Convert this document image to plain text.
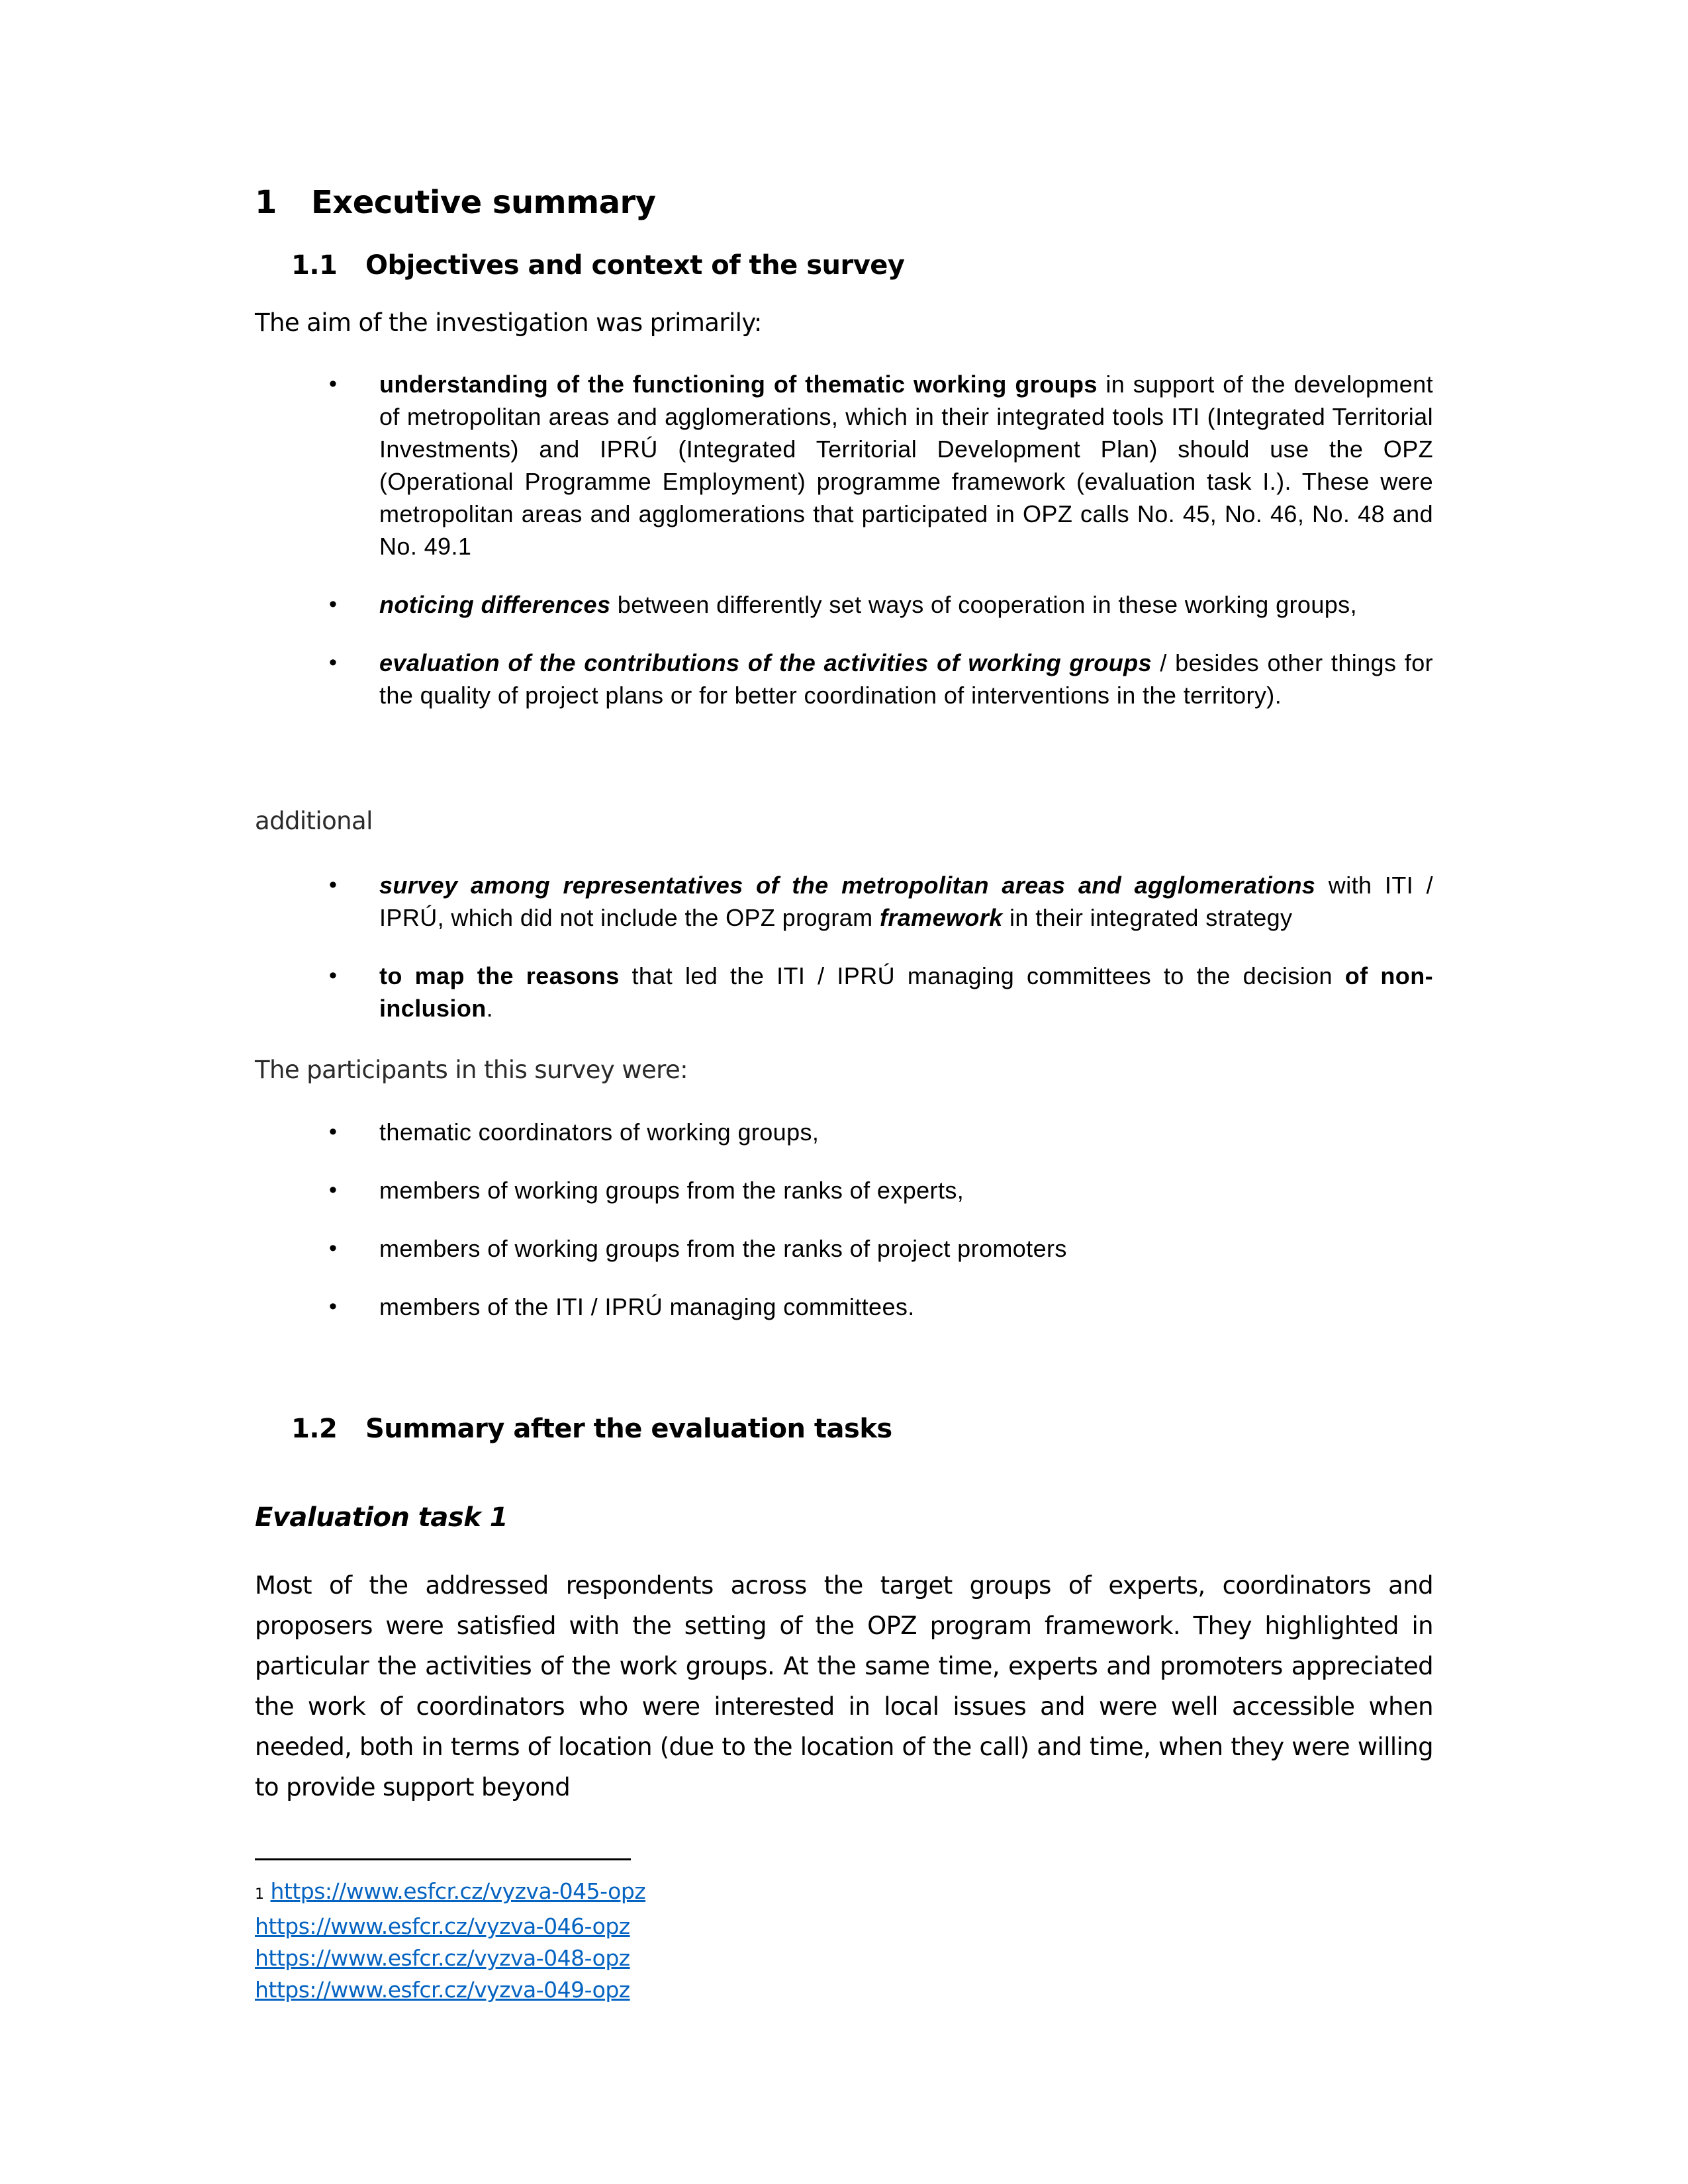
1 Executive summary
1.1 Objectives and context of the survey
The aim of the investigation was primarily:
• understanding of the functioning of thematic working groups in support of the development of metropolitan areas and agglomerations, which in their integrated tools ITI (Integrated Territorial Investments) and IPRÚ (Integrated Territorial Development Plan) should use the OPZ (Operational Programme Employment) programme framework (evaluation task I.). These were metropolitan areas and agglomerations that participated in OPZ calls No. 45, No. 46, No. 48 and No. 49.1
• noticing differences between differently set ways of cooperation in these working groups,
• evaluation of the contributions of the activities of working groups / besides other things for the quality of project plans or for better coordination of interventions in the territory).
additional
• survey among representatives of the metropolitan areas and agglomerations with ITI / IPRÚ, which did not include the OPZ program framework in their integrated strategy
• to map the reasons that led the ITI / IPRÚ managing committees to the decision of non-inclusion.
The participants in this survey were:
• thematic coordinators of working groups,
• members of working groups from the ranks of experts,
• members of working groups from the ranks of project promoters
• members of the ITI / IPRÚ managing committees.
1.2 Summary after the evaluation tasks
Evaluation task 1
Most of the addressed respondents across the target groups of experts, coordinators and proposers were satisfied with the setting of the OPZ program framework. They highlighted in particular the activities of the work groups. At the same time, experts and promoters appreciated the work of coordinators who were interested in local issues and were well accessible when needed, both in terms of location (due to the location of the call) and time, when they were willing to provide support beyond
1 https://www.esfcr.cz/vyzva-045-opz
https://www.esfcr.cz/vyzva-046-opz
https://www.esfcr.cz/vyzva-048-opz
https://www.esfcr.cz/vyzva-049-opz
